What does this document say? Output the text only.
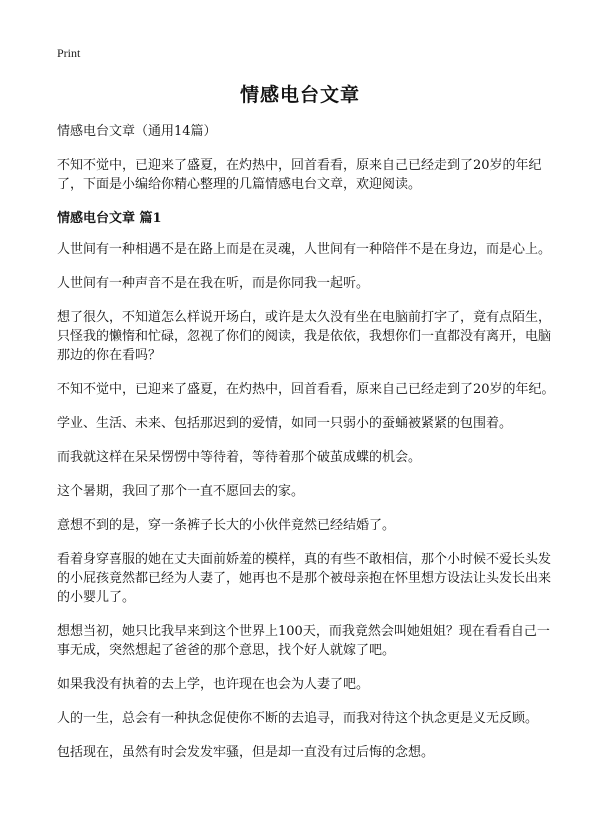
Print

情感电台文章

情感电台文章（通用14篇）

不知不觉中，已迎来了盛夏，在灼热中，回首看看，原来自己已经走到了20岁的年纪了，下面是小编给你精心整理的几篇情感电台文章，欢迎阅读。

情感电台文章 篇1

人世间有一种相遇不是在路上而是在灵魂，人世间有一种陪伴不是在身边，而是心上。

人世间有一种声音不是在我在听，而是你同我一起听。

想了很久，不知道怎么样说开场白，或许是太久没有坐在电脑前打字了，竟有点陌生，只怪我的懒惰和忙碌，忽视了你们的阅读，我是依依，我想你们一直都没有离开，电脑那边的你在看吗？

不知不觉中，已迎来了盛夏，在灼热中，回首看看，原来自己已经走到了20岁的年纪。

学业、生活、未来、包括那迟到的爱情，如同一只弱小的蚕蛹被紧紧的包围着。

而我就这样在呆呆愣愣中等待着，等待着那个破茧成蝶的机会。

这个暑期，我回了那个一直不愿回去的家。

意想不到的是，穿一条裤子长大的小伙伴竟然已经结婚了。

看着身穿喜服的她在丈夫面前娇羞的模样，真的有些不敢相信，那个小时候不爱长头发的小屁孩竟然都已经为人妻了，她再也不是那个被母亲抱在怀里想方设法让头发长出来的小婴儿了。

想想当初，她只比我早来到这个世界上100天，而我竟然会叫她姐姐？现在看看自己一事无成，突然想起了爸爸的那个意思，找个好人就嫁了吧。

如果我没有执着的去上学，也许现在也会为人妻了吧。

人的一生，总会有一种执念促使你不断的去追寻，而我对待这个执念更是义无反顾。

包括现在，虽然有时会发发牢骚，但是却一直没有过后悔的念想。
